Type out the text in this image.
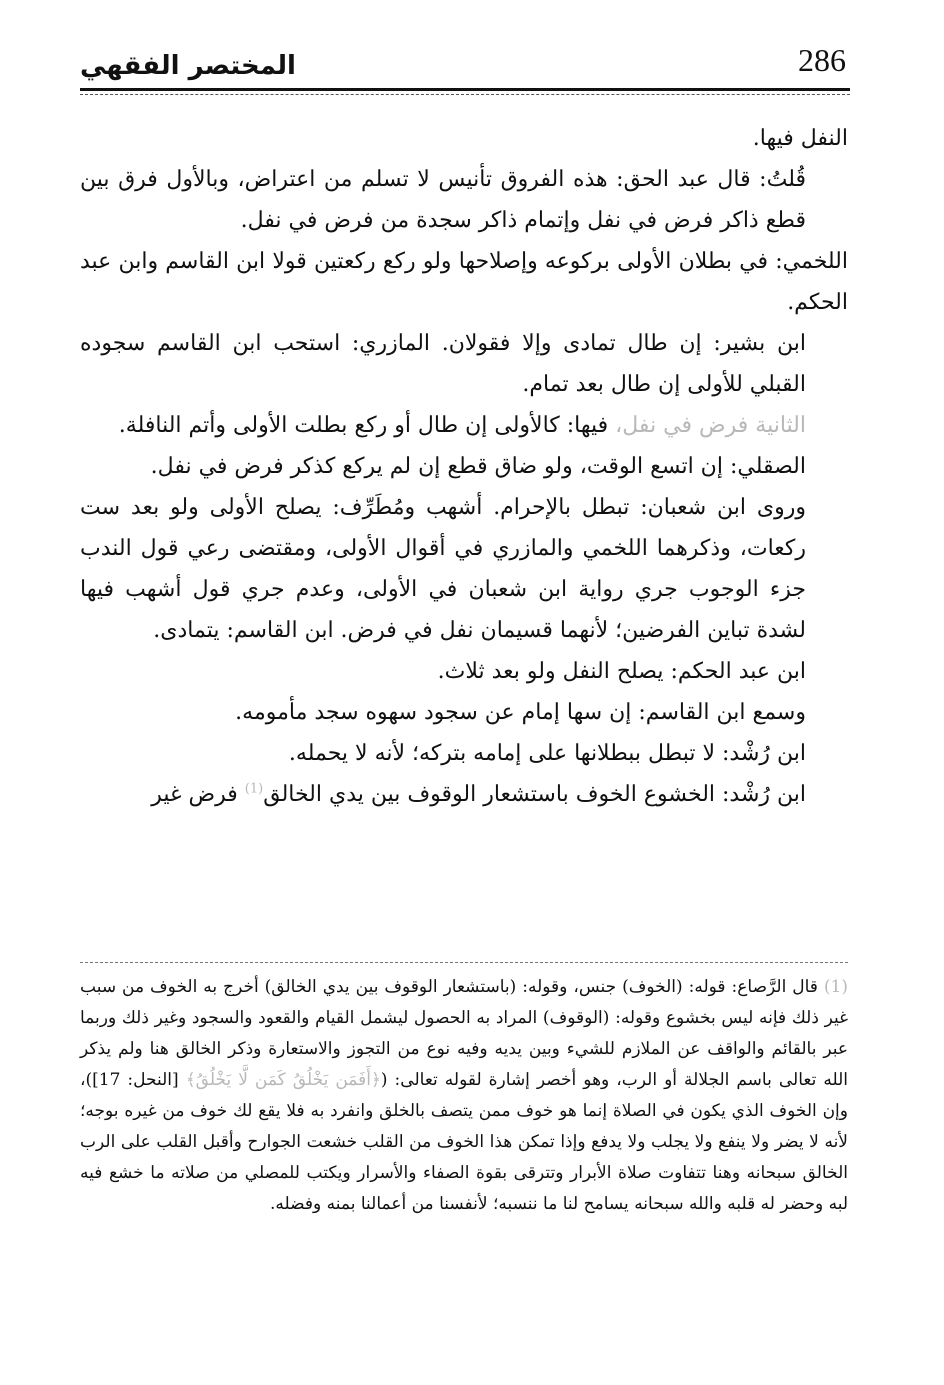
286
المختصر الفقهي

النفل فيها.

قُلتُ: قال عبد الحق: هذه الفروق تأنيس لا تسلم من اعتراض، وبالأول فرق بين قطع ذاكر فرض في نفل وإتمام ذاكر سجدة من فرض في نفل.

اللخمي: في بطلان الأولى بركوعه وإصلاحها ولو ركع ركعتين قولا ابن القاسم وابن عبد الحكم.

ابن بشير: إن طال تمادى وإلا فقولان. المازري: استحب ابن القاسم سجوده القبلي للأولى إن طال بعد تمام.

الثانية فرض في نفل، فيها: كالأولى إن طال أو ركع بطلت الأولى وأتم النافلة.

الصقلي: إن اتسع الوقت، ولو ضاق قطع إن لم يركع كذكر فرض في نفل.

وروى ابن شعبان: تبطل بالإحرام. أشهب ومُطَرِّف: يصلح الأولى ولو بعد ست ركعات، وذكرهما اللخمي والمازري في أقوال الأولى، ومقتضى رعي قول الندب جزء الوجوب جري رواية ابن شعبان في الأولى، وعدم جري قول أشهب فيها لشدة تباين الفرضين؛ لأنهما قسيمان نفل في فرض. ابن القاسم: يتمادى.

ابن عبد الحكم: يصلح النفل ولو بعد ثلاث.

وسمع ابن القاسم: إن سها إمام عن سجود سهوه سجد مأمومه.

ابن رُشْد: لا تبطل ببطلانها على إمامه بتركه؛ لأنه لا يحمله.

ابن رُشْد: الخشوع الخوف باستشعار الوقوف بين يدي الخالق$^{(1)}$ فرض غير

(1) قال الرَّصاع: قوله: (الخوف) جنس، وقوله: (باستشعار الوقوف بين يدي الخالق) أخرج به الخوف من سبب غير ذلك فإنه ليس بخشوع وقوله: (الوقوف) المراد به الحصول ليشمل القيام والقعود والسجود وغير ذلك وربما عبر بالقائم والواقف عن الملازم للشيء وبين يديه وفيه نوع من التجوز والاستعارة وذكر الخالق هنا ولم يذكر الله تعالى باسم الجلالة أو الرب، وهو أخصر إشارة لقوله تعالى: (﴿أَفَمَن يَخْلُقُ كَمَن لَّا يَخْلُقُ﴾ [النحل: 17])، وإن الخوف الذي يكون في الصلاة إنما هو خوف ممن يتصف بالخلق وانفرد به فلا يقع لك خوف من غيره بوجه؛ لأنه لا يضر ولا ينفع ولا يجلب ولا يدفع وإذا تمكن هذا الخوف من القلب خشعت الجوارح وأقبل القلب على الرب الخالق سبحانه وهنا تتفاوت صلاة الأبرار وتترقى بقوة الصفاء والأسرار ويكتب للمصلي من صلاته ما خشع فيه لبه وحضر له قلبه والله سبحانه يسامح لنا ما ننسبه؛ لأنفسنا من أعمالنا بمنه وفضله.
